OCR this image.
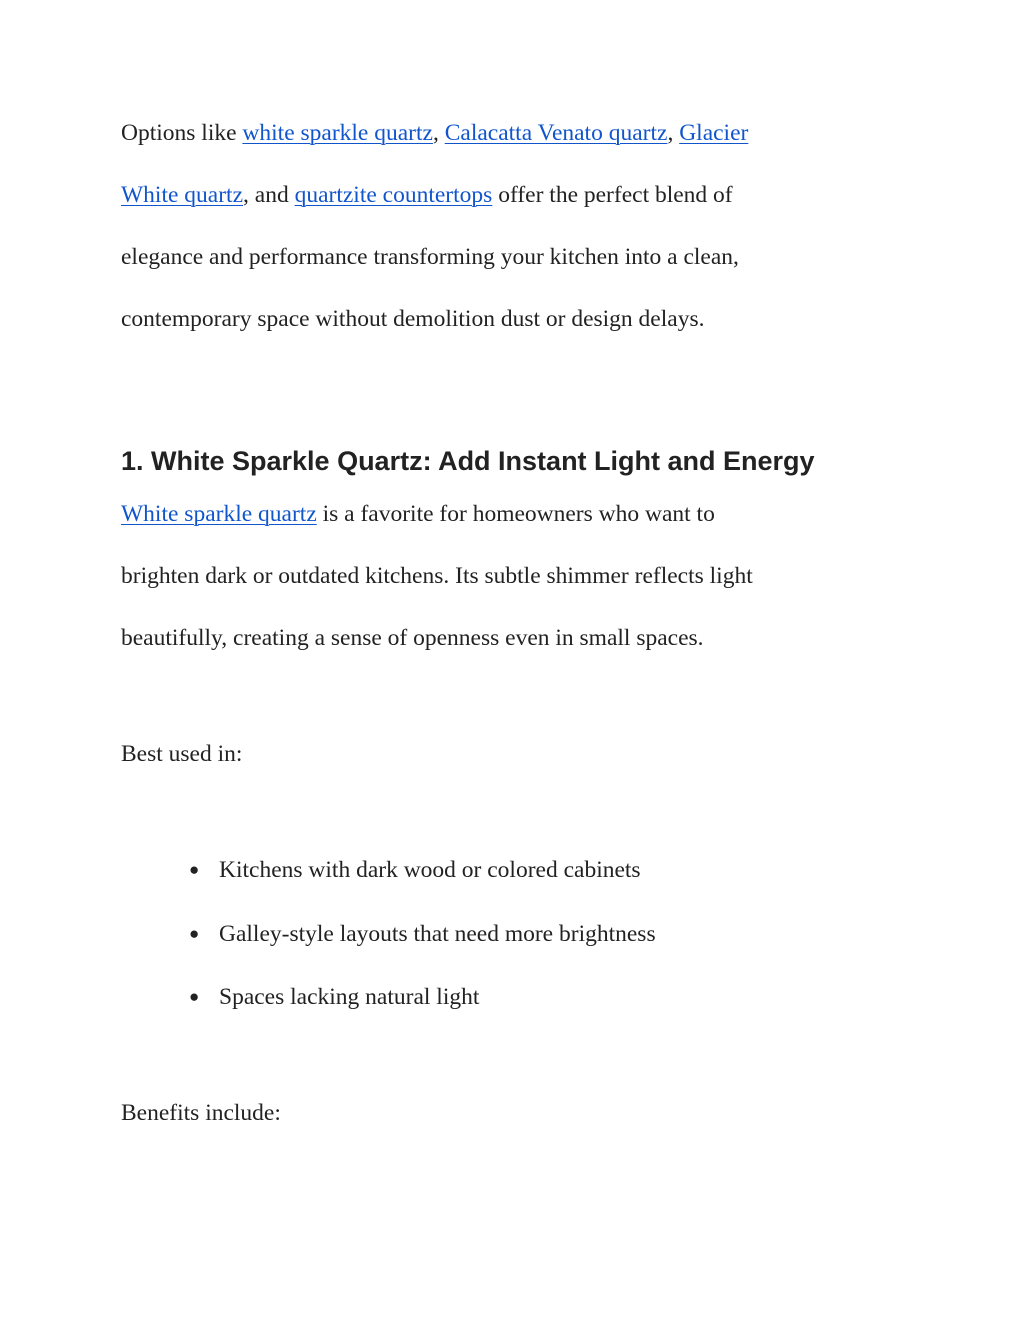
Options like white sparkle quartz, Calacatta Venato quartz, Glacier
White quartz, and quartzite countertops offer the perfect blend of
elegance and performance transforming your kitchen into a clean,
contemporary space without demolition dust or design delays.
1. White Sparkle Quartz: Add Instant Light and Energy
White sparkle quartz is a favorite for homeowners who want to
brighten dark or outdated kitchens. Its subtle shimmer reflects light
beautifully, creating a sense of openness even in small spaces.
Best used in:
● Kitchens with dark wood or colored cabinets
● Galley-style layouts that need more brightness
● Spaces lacking natural light
Benefits include:
